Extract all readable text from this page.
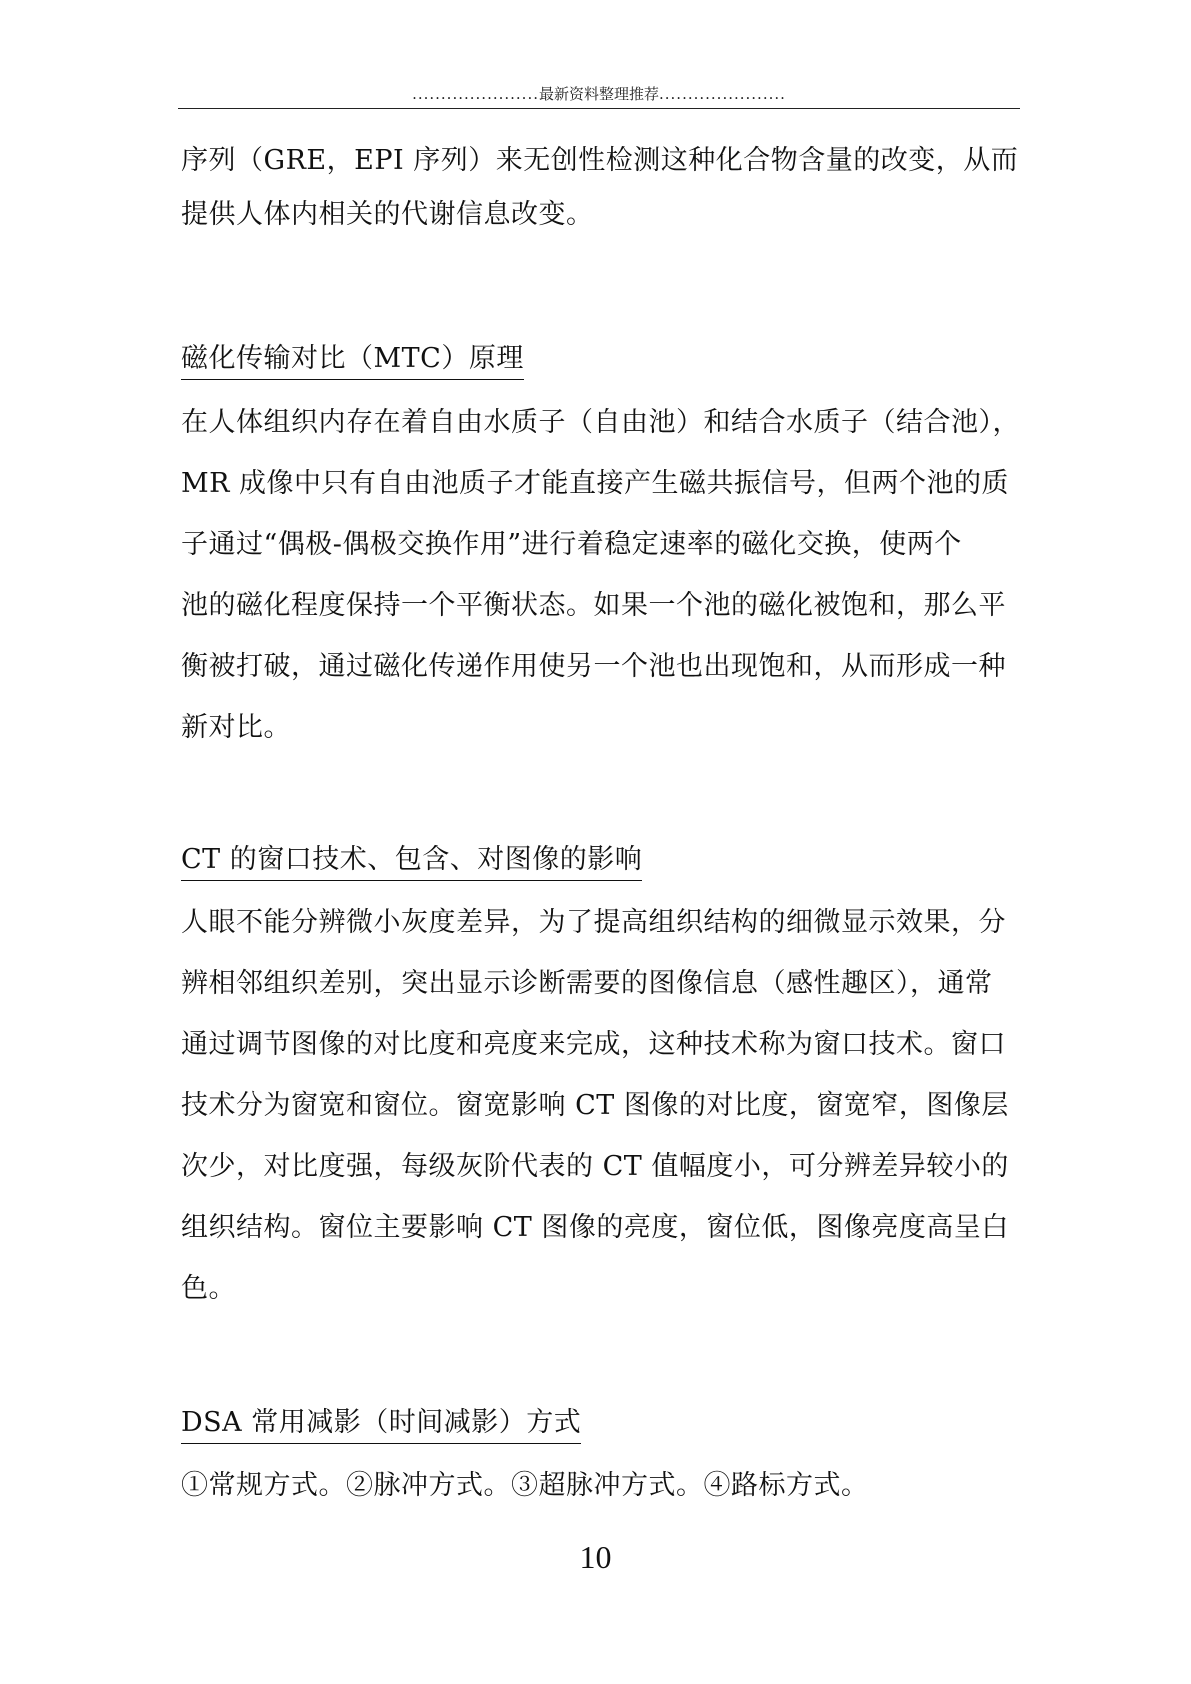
......................最新资料整理推荐......................
序列（GRE，EPI 序列）来无创性检测这种化合物含量的改变，从而
提供人体内相关的代谢信息改变。
磁化传输对比（MTC）原理
在人体组织内存在着自由水质子（自由池）和结合水质子（结合池），
MR 成像中只有自由池质子才能直接产生磁共振信号，但两个池的质
子通过“偶极-偶极交换作用”进行着稳定速率的磁化交换，使两个
池的磁化程度保持一个平衡状态。如果一个池的磁化被饱和，那么平
衡被打破，通过磁化传递作用使另一个池也出现饱和，从而形成一种
新对比。
CT 的窗口技术、包含、对图像的影响
人眼不能分辨微小灰度差异，为了提高组织结构的细微显示效果，分
辨相邻组织差别，突出显示诊断需要的图像信息（感性趣区），通常
通过调节图像的对比度和亮度来完成，这种技术称为窗口技术。窗口
技术分为窗宽和窗位。窗宽影响 CT 图像的对比度，窗宽窄，图像层
次少，对比度强，每级灰阶代表的 CT 值幅度小，可分辨差异较小的
组织结构。窗位主要影响 CT 图像的亮度，窗位低，图像亮度高呈白
色。
DSA 常用减影（时间减影）方式
①常规方式。②脉冲方式。③超脉冲方式。④路标方式。
10
